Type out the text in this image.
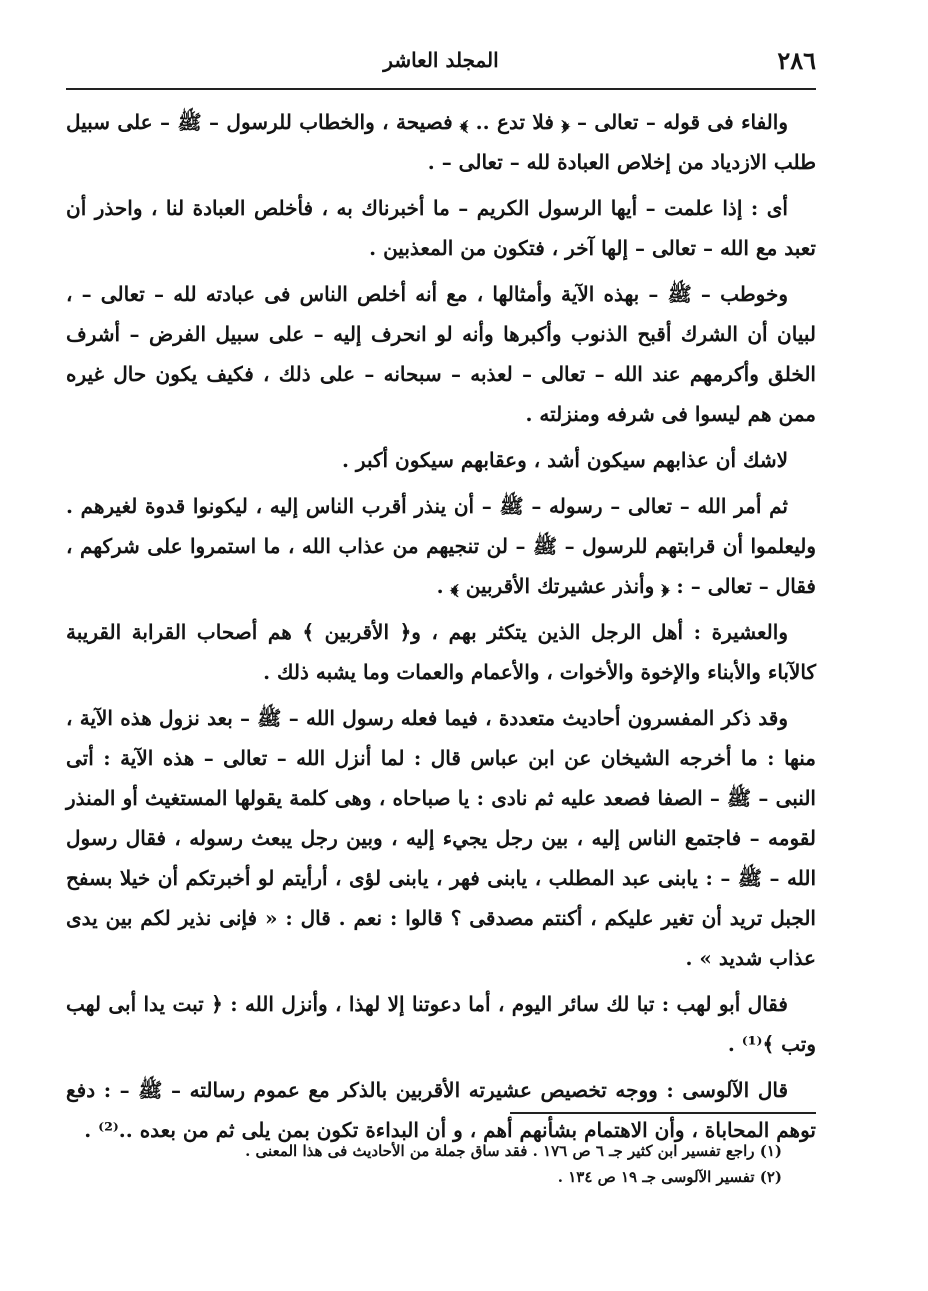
٢٨٦
المجلد العاشر

والفاء فى قوله – تعالى – ﴿ فلا تدع .. ﴾ فصيحة ، والخطاب للرسول – ﷺ – على سبيل طلب الازدياد من إخلاص العبادة لله – تعالى – .

أى : إذا علمت – أيها الرسول الكريم – ما أخبرناك به ، فأخلص العبادة لنا ، واحذر أن تعبد مع الله – تعالى – إلها آخر ، فتكون من المعذبين .

وخوطب – ﷺ – بهذه الآية وأمثالها ، مع أنه أخلص الناس فى عبادته لله – تعالى – ، لبيان أن الشرك أقبح الذنوب وأكبرها وأنه لو انحرف إليه – على سبيل الفرض – أشرف الخلق وأكرمهم عند الله – تعالى – لعذبه – سبحانه – على ذلك ، فكيف يكون حال غيره ممن هم ليسوا فى شرفه ومنزلته .

لاشك أن عذابهم سيكون أشد ، وعقابهم سيكون أكبر .

ثم أمر الله – تعالى – رسوله – ﷺ – أن ينذر أقرب الناس إليه ، ليكونوا قدوة لغيرهم . وليعلموا أن قرابتهم للرسول – ﷺ – لن تنجيهم من عذاب الله ، ما استمروا على شركهم ، فقال – تعالى – : ﴿ وأنذر عشيرتك الأقربين ﴾ .

والعشيرة : أهل الرجل الذين يتكثر بهم ، و﴿ الأقربين ﴾ هم أصحاب القرابة القريبة كالآباء والأبناء والإخوة والأخوات ، والأعمام والعمات وما يشبه ذلك .

وقد ذكر المفسرون أحاديث متعددة ، فيما فعله رسول الله – ﷺ – بعد نزول هذه الآية ، منها : ما أخرجه الشيخان عن ابن عباس قال : لما أنزل الله – تعالى – هذه الآية : أتى النبى – ﷺ – الصفا فصعد عليه ثم نادى : يا صباحاه ، وهى كلمة يقولها المستغيث أو المنذر لقومه – فاجتمع الناس إليه ، بين رجل يجيء إليه ، وبين رجل يبعث رسوله ، فقال رسول الله – ﷺ – : يابنى عبد المطلب ، يابنى فهر ، يابنى لؤى ، أرأيتم لو أخبرتكم أن خيلا بسفح الجبل تريد أن تغير عليكم ، أكنتم مصدقى ؟ قالوا : نعم . قال : « فإنى نذير لكم بين يدى عذاب شديد » .

فقال أبو لهب : تبا لك سائر اليوم ، أما دعوتنا إلا لهذا ، وأنزل الله : ﴿ تبت يدا أبى لهب وتب ﴾⁽¹⁾ .

قال الآلوسى : ووجه تخصيص عشيرته الأقربين بالذكر مع عموم رسالته – ﷺ – : دفع توهم المحاباة ، وأن الاهتمام بشأنهم أهم ، و أن البداءة تكون بمن يلى ثم من بعده ..⁽²⁾ .

(١) راجع تفسير ابن كثير جـ ٦ ص ١٧٦ . فقد ساق جملة من الأحاديث فى هذا المعنى .

(٢) تفسير الآلوسى جـ ١٩ ص ١٣٤ .
